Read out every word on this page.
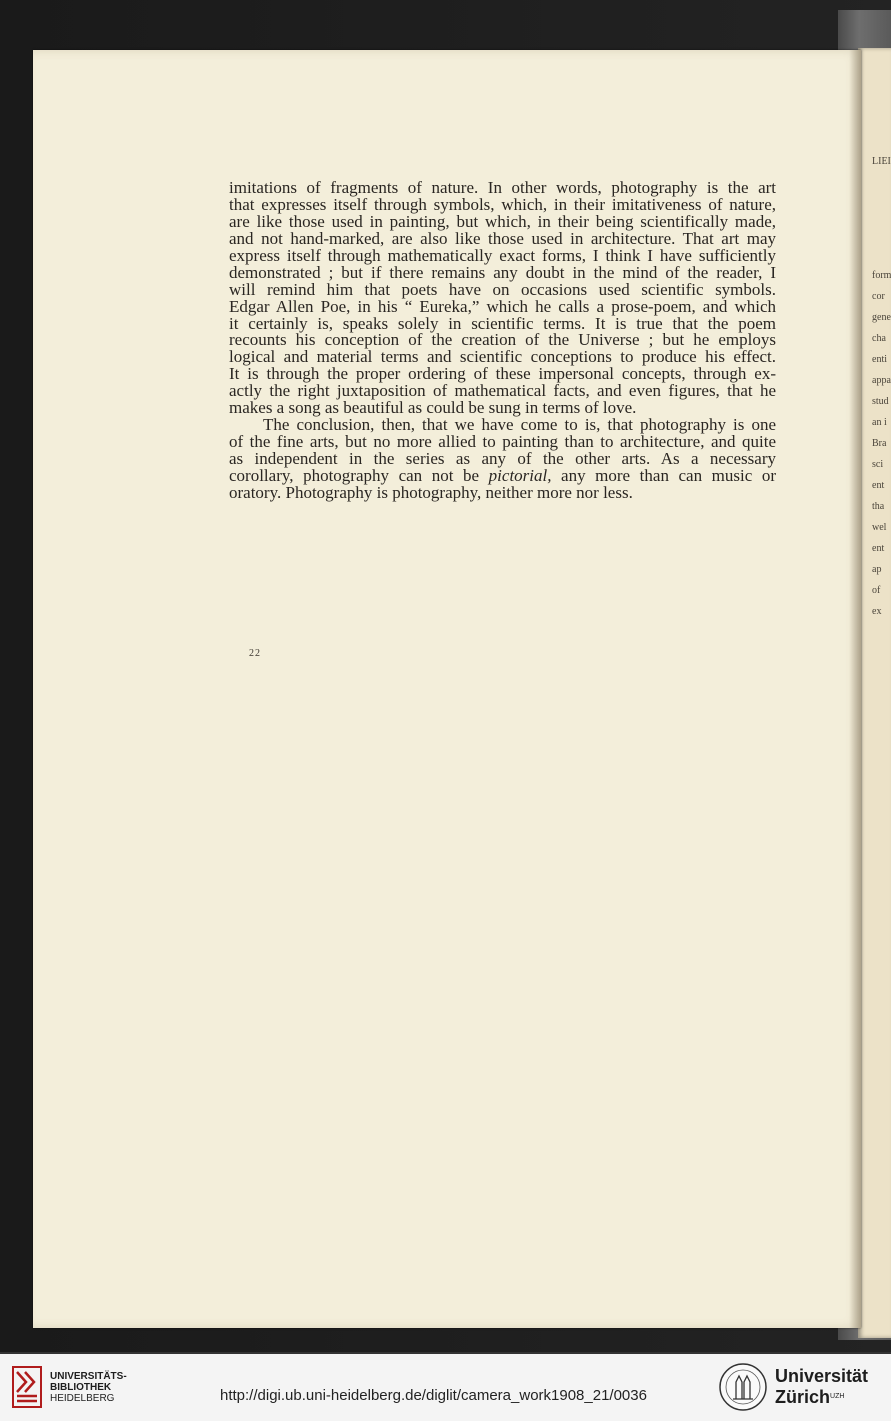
LIEI
form
cor
gene
cha
enti
appa
stud
an i
Bra
sci
ent
tha
wel
ent
ap
of
ex
imitations of fragments of nature. In other words, photography is the art
that expresses itself through symbols, which, in their imitativeness of nature,
are like those used in painting, but which, in their being scientifically made,
and not hand-marked, are also like those used in architecture. That art may
express itself through mathematically exact forms, I think I have sufficiently
demonstrated ; but if there remains any doubt in the mind of the reader, I
will remind him that poets have on occasions used scientific symbols.
Edgar Allen Poe, in his “ Eureka,” which he calls a prose-poem, and which
it certainly is, speaks solely in scientific terms. It is true that the poem
recounts his conception of the creation of the Universe ; but he employs
logical and material terms and scientific conceptions to produce his effect.
It is through the proper ordering of these impersonal concepts, through ex-
actly the right juxtaposition of mathematical facts, and even figures, that he
makes a song as beautiful as could be sung in terms of love.
The conclusion, then, that we have come to is, that photography is one
of the fine arts, but no more allied to painting than to architecture, and quite
as independent in the series as any of the other arts. As a necessary
corollary, photography can not be pictorial, any more than can music or
oratory. Photography is photography, neither more nor less.
22
UNIVERSITÄTS-
BIBLIOTHEK
HEIDELBERG	http://digi.ub.uni-heidelberg.de/diglit/camera_work1908_21/0036
Universität
Zürich$^{UZH}$
